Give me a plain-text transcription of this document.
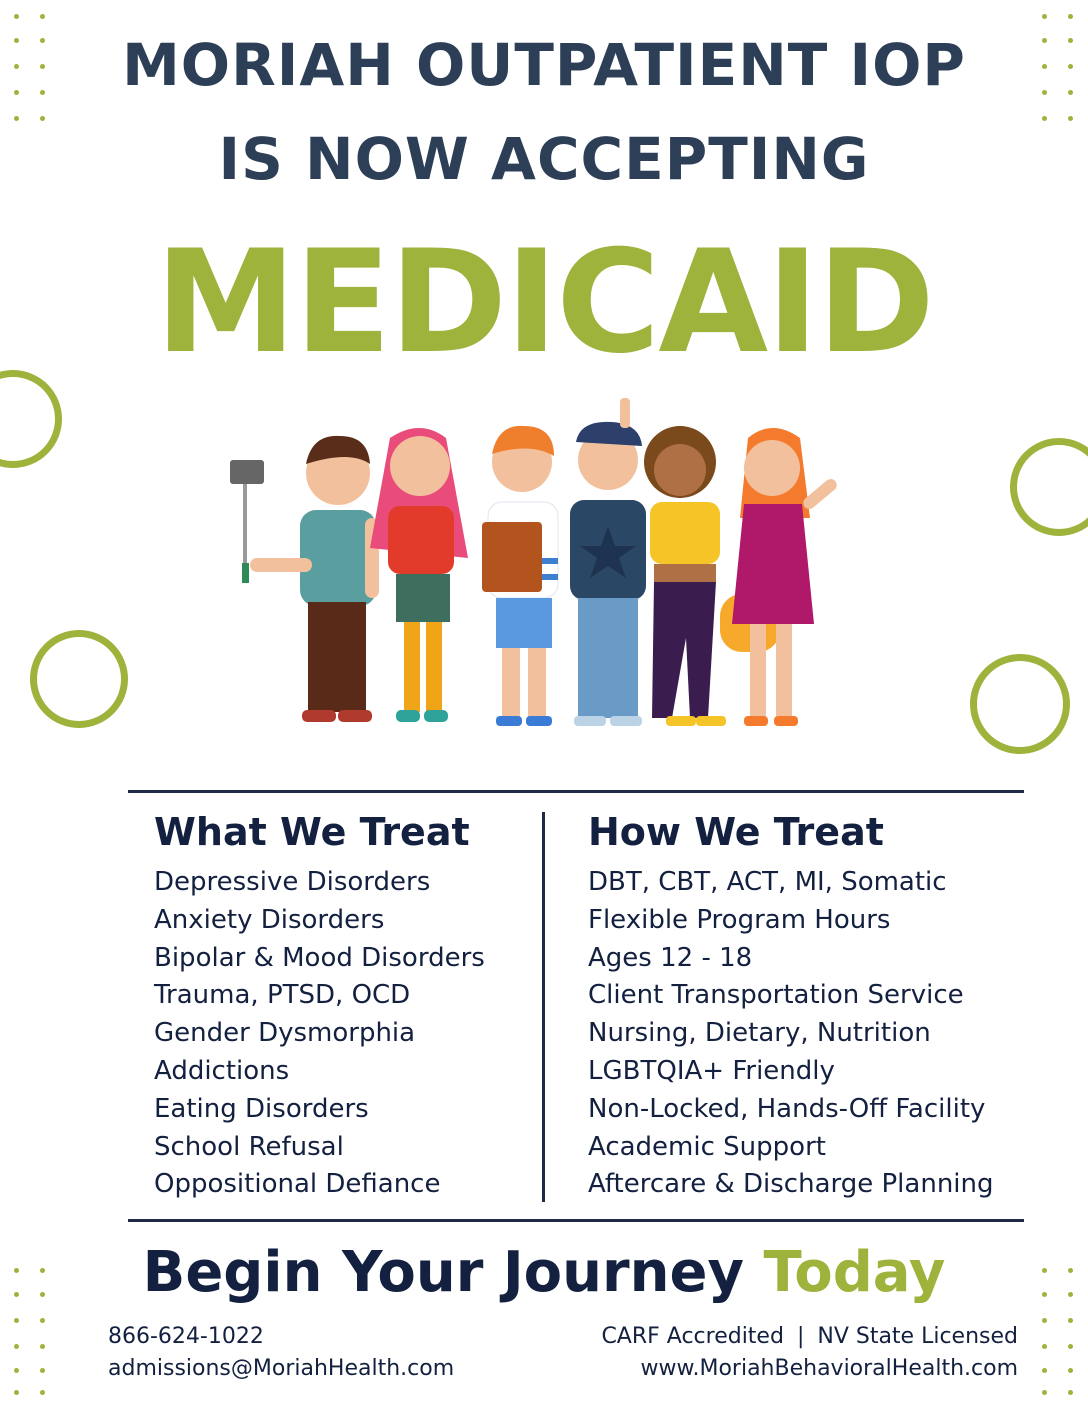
MORIAH OUTPATIENT IOP
IS NOW ACCEPTING
MEDICAID
What We Treat
Depressive Disorders
Anxiety Disorders
Bipolar & Mood Disorders
Trauma, PTSD, OCD
Gender Dysmorphia
Addictions
Eating Disorders
School Refusal
Oppositional Defiance
How We Treat
DBT, CBT, ACT, MI, Somatic
Flexible Program Hours
Ages 12 - 18
Client Transportation Service
Nursing, Dietary, Nutrition
LGBTQIA+ Friendly
Non-Locked, Hands-Off Facility
Academic Support
Aftercare & Discharge Planning
Begin Your Journey Today
866-624-1022
admissions@MoriahHealth.com
CARF Accredited | NV State Licensed
www.MoriahBehavioralHealth.com
